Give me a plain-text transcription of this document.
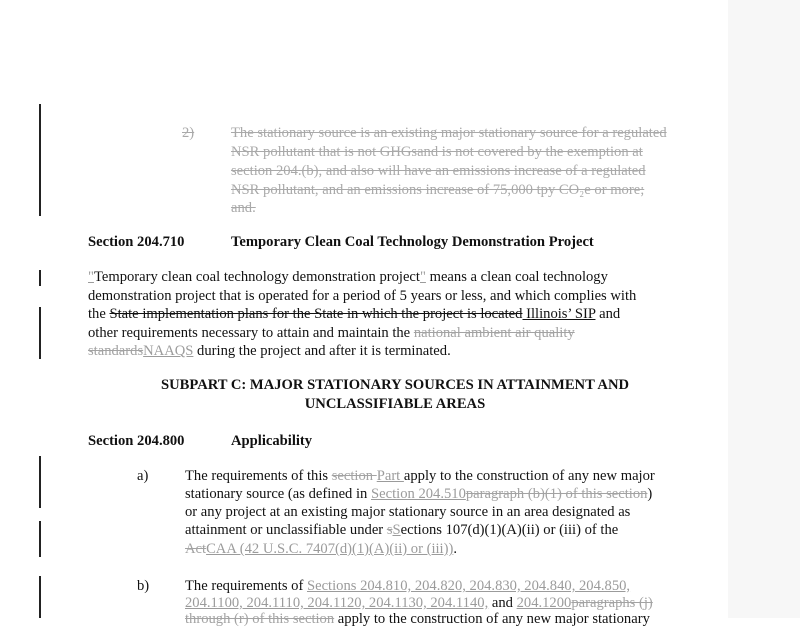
2)	The stationary source is an existing major stationary source for a regulated
NSR pollutant that is not GHGsand is not covered by the exemption at
section 204.(b), and also will have an emissions increase of a regulated
NSR pollutant, and an emissions increase of 75,000 tpy CO₂e or more;
and.
Section 204.710	Temporary Clean Coal Technology Demonstration Project
"Temporary clean coal technology demonstration project" means a clean coal technology
demonstration project that is operated for a period of 5 years or less, and which complies with
the State implementation plans for the State in which the project is located Illinois’ SIP and
other requirements necessary to attain and maintain the national ambient air quality
standardsNAAQS during the project and after it is terminated.
SUBPART C: MAJOR STATIONARY SOURCES IN ATTAINMENT AND
UNCLASSIFIABLE AREAS
Section 204.800	Applicability
a)	The requirements of this section Part apply to the construction of any new major
stationary source (as defined in Section 204.510paragraph (b)(1) of this section)
or any project at an existing major stationary source in an area designated as
attainment or unclassifiable under sSections 107(d)(1)(A)(ii) or (iii) of the
ActCAA (42 U.S.C. 7407(d)(1)(A)(ii) or (iii)).
b) The requirements of Sections 204.810, 204.820, 204.830, 204.840, 204.850,
204.1100, 204.1110, 204.1120, 204.1130, 204.1140, and 204.1200paragraphs (j)
through (r) of this section apply to the construction of any new major stationary
